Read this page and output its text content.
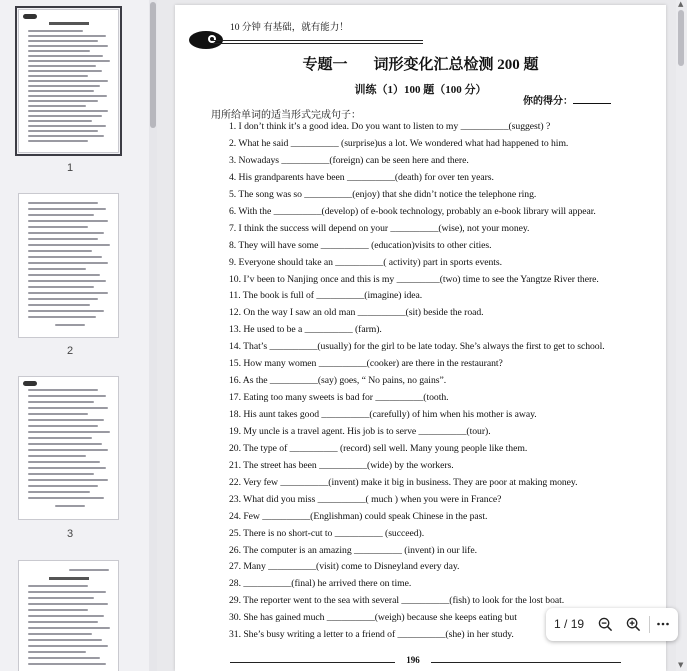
1
2
3
10 分钟 有基础，就有能力！
专题一 词形变化汇总检测 200 题
训练（1）100 题（100 分）
你的得分：
用所给单词的适当形式完成句子：
1. I don’t think it’s a good idea. Do you want to listen to my __________(suggest) ?
2. What he said __________ (surprise)us a lot. We wondered what had happened to him.
3. Nowadays __________(foreign) can be seen here and there.
4. His grandparents have been __________(death) for over ten years.
5. The song was so __________(enjoy) that she didn’t notice the telephone ring.
6. With the __________(develop) of e-book technology, probably an e-book library will appear.
7. I think the success will depend on your __________(wise), not your money.
8. They will have some __________ (education)visits to other cities.
9. Everyone should take an __________( activity) part in sports events.
10. I’v been to Nanjing once and this is my _________(two) time to see the Yangtze River there.
11. The book is full of __________(imagine) idea.
12. On the way I saw an old man __________(sit) beside the road.
13. He used to be a __________ (farm).
14. That’s __________(usually) for the girl to be late today. She’s always the first to get to school.
15. How many women __________(cooker) are there in the restaurant?
16. As the __________(say) goes, “ No pains, no gains”.
17. Eating too many sweets is bad for __________(tooth.
18. His aunt takes good __________(carefully) of him when his mother is away.
19. My uncle is a travel agent. His job is to serve __________(tour).
20. The type of __________ (record) sell well. Many young people like them.
21. The street has been __________(wide) by the workers.
22. Very few __________(invent) make it big in business. They are poor at making money.
23. What did you miss __________( much ) when you were in France?
24. Few __________(Englishman) could speak Chinese in the past.
25. There is no short-cut to __________ (succeed).
26. The computer is an amazing __________ (invent) in our life.
27. Many __________(visit) come to Disneyland every day.
28. __________(final) he arrived there on time.
29. The reporter went to the sea with several __________(fish) to look for the lost boat.
30. She has gained much __________(weigh) because she keeps eating but
31. She’s busy writing a letter to a friend of __________(she) in her study.
196
▲
▼
1 / 19
